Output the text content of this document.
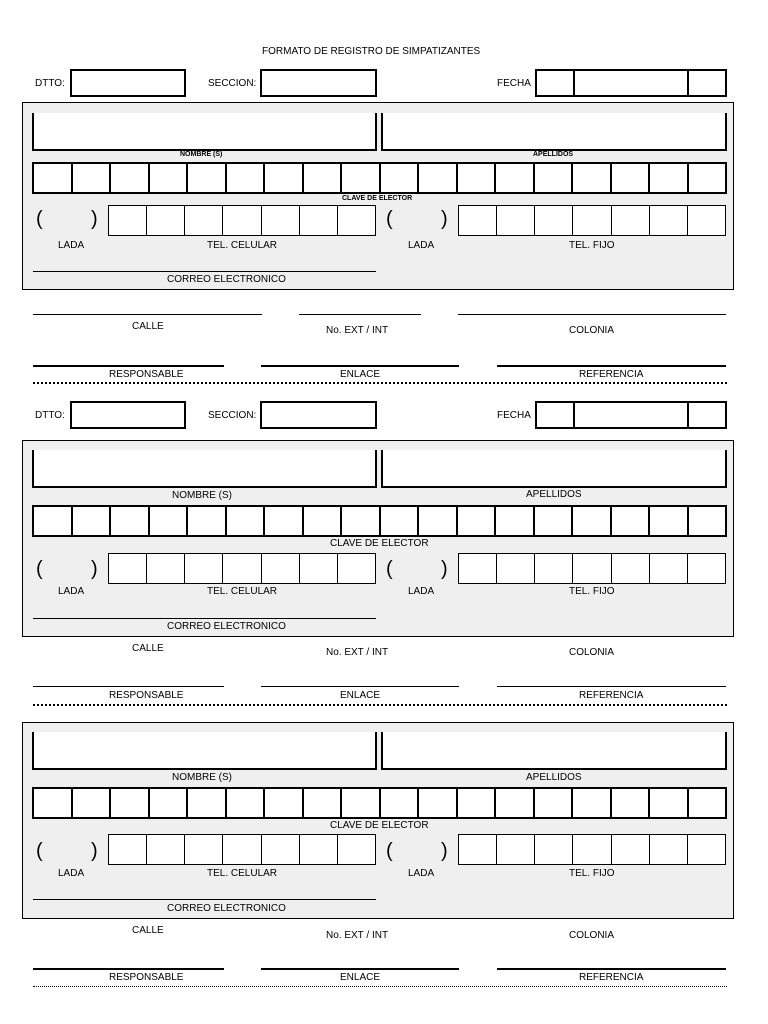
FORMATO DE REGISTRO DE SIMPATIZANTES
DTTO:	SECCION:	FECHA
NOMBRE (S)	APELLIDOS
CLAVE DE ELECTOR
( )	( )
LADA	TEL. CELULAR	LADA	TEL. FIJO
CORREO ELECTRONICO
CALLE	No. EXT / INT	COLONIA
RESPONSABLE	ENLACE	REFERENCIA
DTTO:	SECCION:	FECHA
NOMBRE (S)	APELLIDOS
CLAVE DE ELECTOR
( )	( )
LADA	TEL. CELULAR	LADA	TEL. FIJO
CORREO ELECTRONICO
CALLE	No. EXT / INT	COLONIA
RESPONSABLE	ENLACE	REFERENCIA
NOMBRE (S)	APELLIDOS
CLAVE DE ELECTOR
( )	( )
LADA	TEL. CELULAR	LADA	TEL. FIJO
CORREO ELECTRONICO
CALLE	No. EXT / INT	COLONIA
RESPONSABLE	ENLACE	REFERENCIA
